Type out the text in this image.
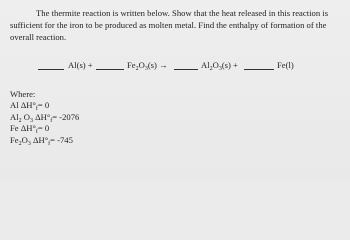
The thermite reaction is written below. Show that the heat released in this reaction is sufficient for the iron to be produced as molten metal. Find the enthalpy of formation of the overall reaction.
Al(s) +	$Fe_2O_3(s)$ →	$Al_2O_3(s)$ +	Fe(l)
Where:
Al $\Delta H^\circ_f= 0$
$Al_2$ $O_3$ $\Delta H^\circ_f= -2076$
Fe $\Delta H^\circ_f= 0$
$Fe_2O_3$ $\Delta H^\circ_f= -745$
